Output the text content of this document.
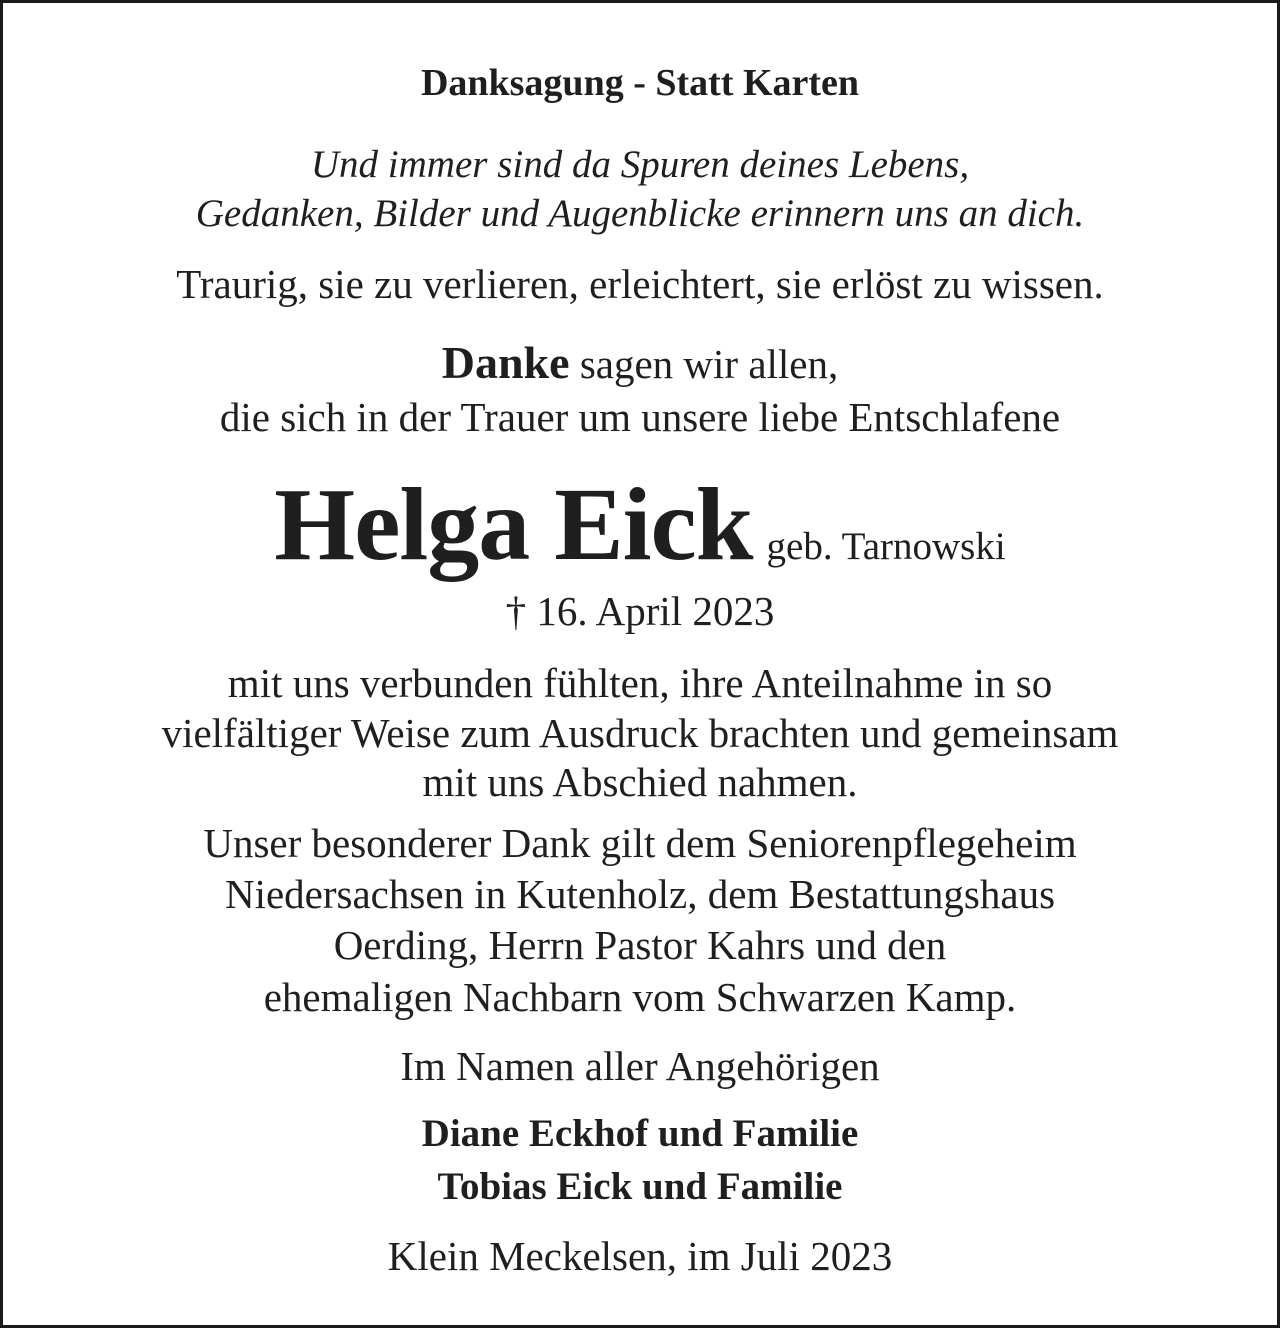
Danksagung - Statt Karten
Und immer sind da Spuren deines Lebens,
Gedanken, Bilder und Augenblicke erinnern uns an dich.
Traurig, sie zu verlieren, erleichtert, sie erlöst zu wissen.
Danke sagen wir allen,
die sich in der Trauer um unsere liebe Entschlafene
Helga Eick geb. Tarnowski
† 16. April 2023
mit uns verbunden fühlten, ihre Anteilnahme in so
vielfältiger Weise zum Ausdruck brachten und gemeinsam
mit uns Abschied nahmen.
Unser besonderer Dank gilt dem Seniorenpflegeheim
Niedersachsen in Kutenholz, dem Bestattungshaus
Oerding, Herrn Pastor Kahrs und den
ehemaligen Nachbarn vom Schwarzen Kamp.
Im Namen aller Angehörigen
Diane Eckhof und Familie
Tobias Eick und Familie
Klein Meckelsen, im Juli 2023
